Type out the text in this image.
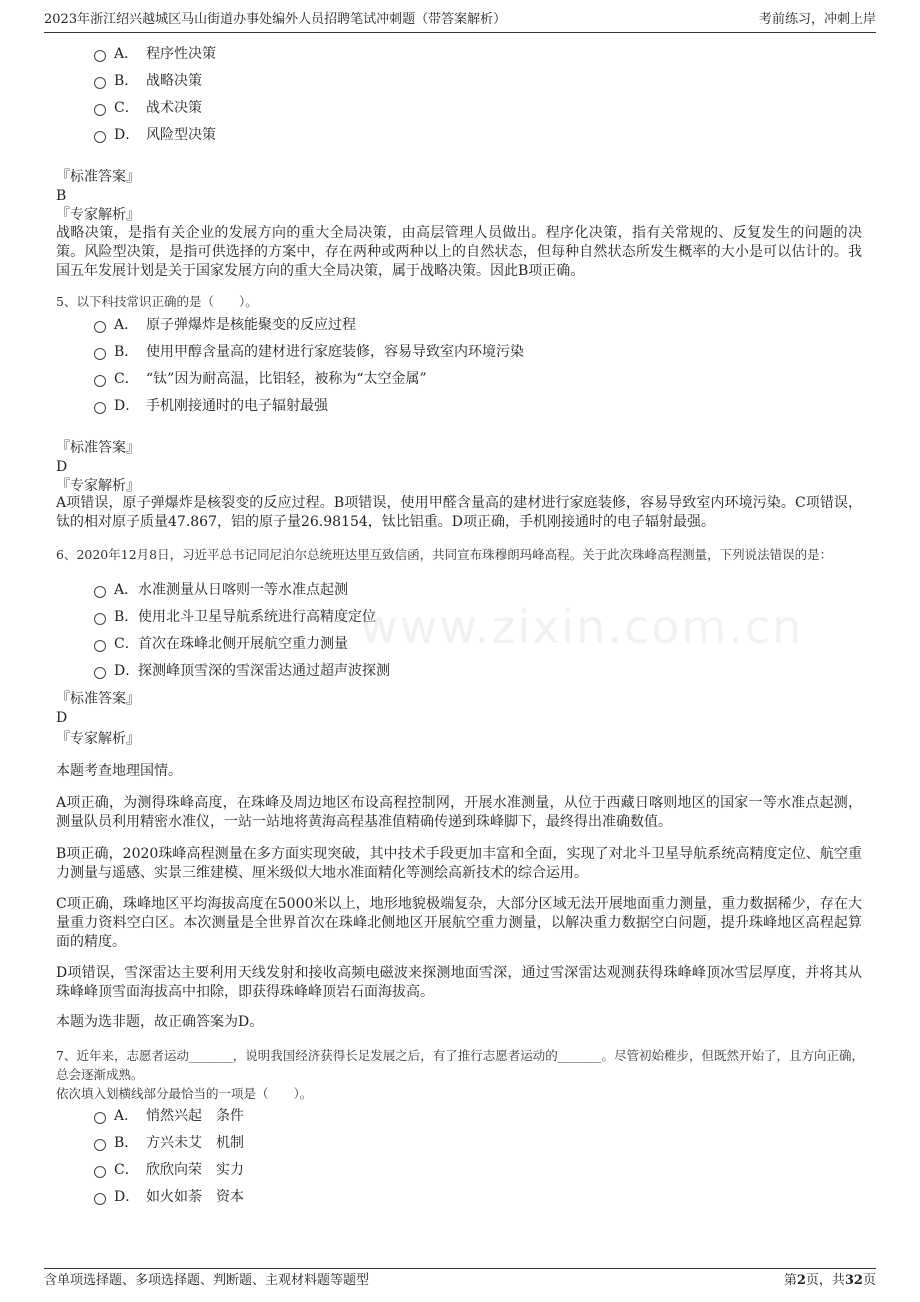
2023年浙江绍兴越城区马山街道办事处编外人员招聘笔试冲刺题（带答案解析）	考前练习，冲刺上岸
www.zixin.com.cn
A． 程序性决策
B． 战略决策
C． 战术决策
D． 风险型决策
『标准答案』
B
『专家解析』
战略决策，是指有关企业的发展方向的重大全局决策，由高层管理人员做出。程序化决策，指有关常规的、反复发生的问题的决策。风险型决策，是指可供选择的方案中，存在两种或两种以上的自然状态，但每种自然状态所发生概率的大小是可以估计的。我国五年发展计划是关于国家发展方向的重大全局决策，属于战略决策。因此B项正确。
5、以下科技常识正确的是（　　）。
A． 原子弹爆炸是核能聚变的反应过程
B． 使用甲醇含量高的建材进行家庭装修，容易导致室内环境污染
C． “钛”因为耐高温，比铝轻，被称为“太空金属”
D． 手机刚接通时的电子辐射最强
『标准答案』
D
『专家解析』
A项错误，原子弹爆炸是核裂变的反应过程。B项错误，使用甲醛含量高的建材进行家庭装修，容易导致室内环境污染。C项错误，钛的相对原子质量47.867，铝的原子量26.98154，钛比铝重。D项正确，手机刚接通时的电子辐射最强。
6、2020年12月8日，习近平总书记同尼泊尔总统班达里互致信函，共同宣布珠穆朗玛峰高程。关于此次珠峰高程测量，下列说法错误的是：
A．水准测量从日喀则一等水准点起测
B．使用北斗卫星导航系统进行高精度定位
C．首次在珠峰北侧开展航空重力测量
D．探测峰顶雪深的雪深雷达通过超声波探测
『标准答案』
D
『专家解析』
本题考查地理国情。
A项正确，为测得珠峰高度，在珠峰及周边地区布设高程控制网，开展水准测量，从位于西藏日喀则地区的国家一等水准点起测，测量队员利用精密水准仪，一站一站地将黄海高程基准值精确传递到珠峰脚下，最终得出准确数值。
B项正确，2020珠峰高程测量在多方面实现突破，其中技术手段更加丰富和全面，实现了对北斗卫星导航系统高精度定位、航空重力测量与遥感、实景三维建模、厘米级似大地水准面精化等测绘高新技术的综合运用。
C项正确，珠峰地区平均海拔高度在5000米以上，地形地貌极端复杂，大部分区域无法开展地面重力测量，重力数据稀少，存在大量重力资料空白区。本次测量是全世界首次在珠峰北侧地区开展航空重力测量，以解决重力数据空白问题，提升珠峰地区高程起算面的精度。
D项错误，雪深雷达主要利用天线发射和接收高频电磁波来探测地面雪深，通过雪深雷达观测获得珠峰峰顶冰雪层厚度，并将其从珠峰峰顶雪面海拔高中扣除，即获得珠峰峰顶岩石面海拔高。
本题为选非题，故正确答案为D。
7、近年来，志愿者运动_______，说明我国经济获得长足发展之后，有了推行志愿者运动的_______。尽管初始稚步，但既然开始了，且方向正确，总会逐渐成熟。
依次填入划横线部分最恰当的一项是（　　）。
A． 悄然兴起　条件
B． 方兴未艾　机制
C． 欣欣向荣　实力
D． 如火如荼　资本
含单项选择题、多项选择题、判断题、主观材料题等题型	第2页，共32页
